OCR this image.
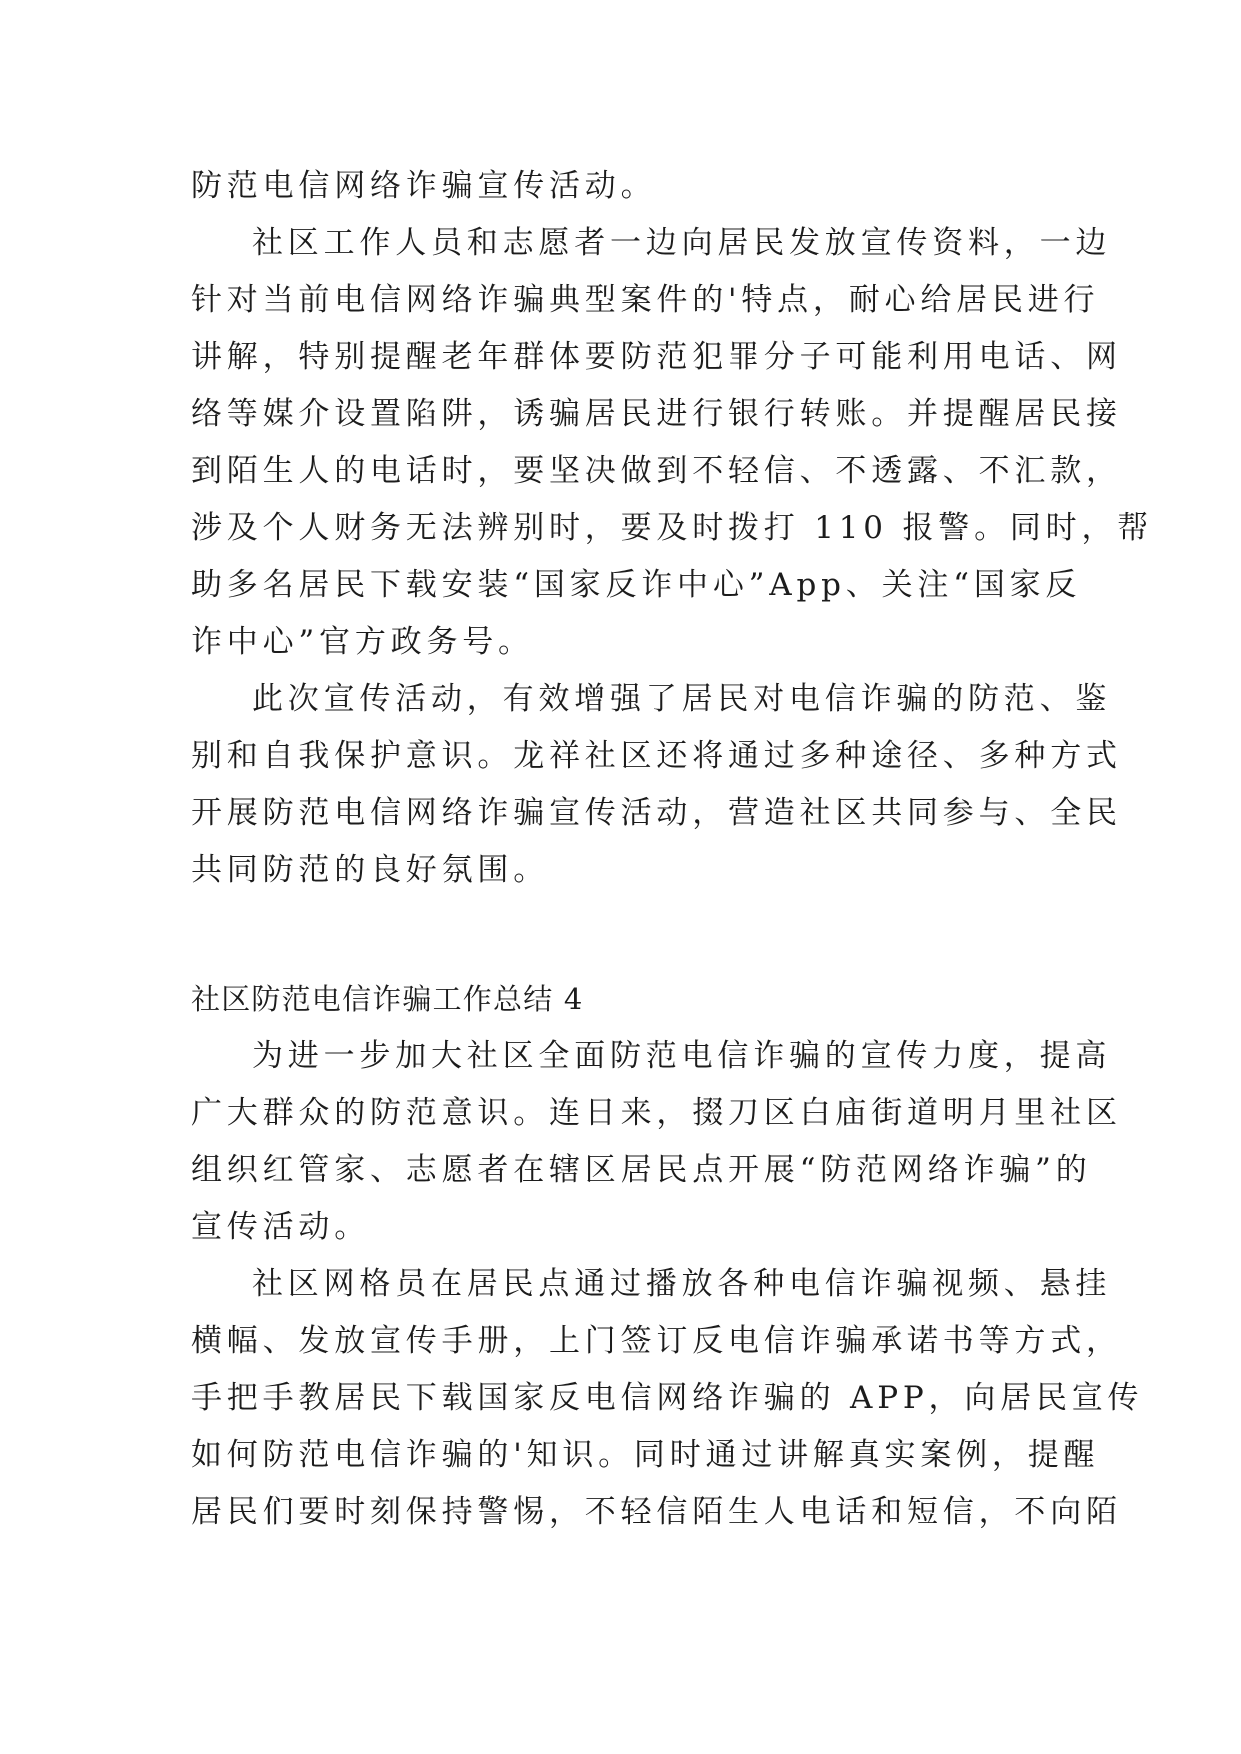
防范电信网络诈骗宣传活动。
社区工作人员和志愿者一边向居民发放宣传资料，一边
针对当前电信网络诈骗典型案件的'特点，耐心给居民进行
讲解，特别提醒老年群体要防范犯罪分子可能利用电话、网
络等媒介设置陷阱，诱骗居民进行银行转账。并提醒居民接
到陌生人的电话时，要坚决做到不轻信、不透露、不汇款，
涉及个人财务无法辨别时，要及时拨打 110 报警。同时，帮
助多名居民下载安装“国家反诈中心”App、关注“国家反
诈中心”官方政务号。
此次宣传活动，有效增强了居民对电信诈骗的防范、鉴
别和自我保护意识。龙祥社区还将通过多种途径、多种方式
开展防范电信网络诈骗宣传活动，营造社区共同参与、全民
共同防范的良好氛围。
社区防范电信诈骗工作总结 4
为进一步加大社区全面防范电信诈骗的宣传力度，提高
广大群众的防范意识。连日来，掇刀区白庙街道明月里社区
组织红管家、志愿者在辖区居民点开展“防范网络诈骗”的
宣传活动。
社区网格员在居民点通过播放各种电信诈骗视频、悬挂
横幅、发放宣传手册，上门签订反电信诈骗承诺书等方式，
手把手教居民下载国家反电信网络诈骗的 APP，向居民宣传
如何防范电信诈骗的'知识。同时通过讲解真实案例，提醒
居民们要时刻保持警惕，不轻信陌生人电话和短信，不向陌
